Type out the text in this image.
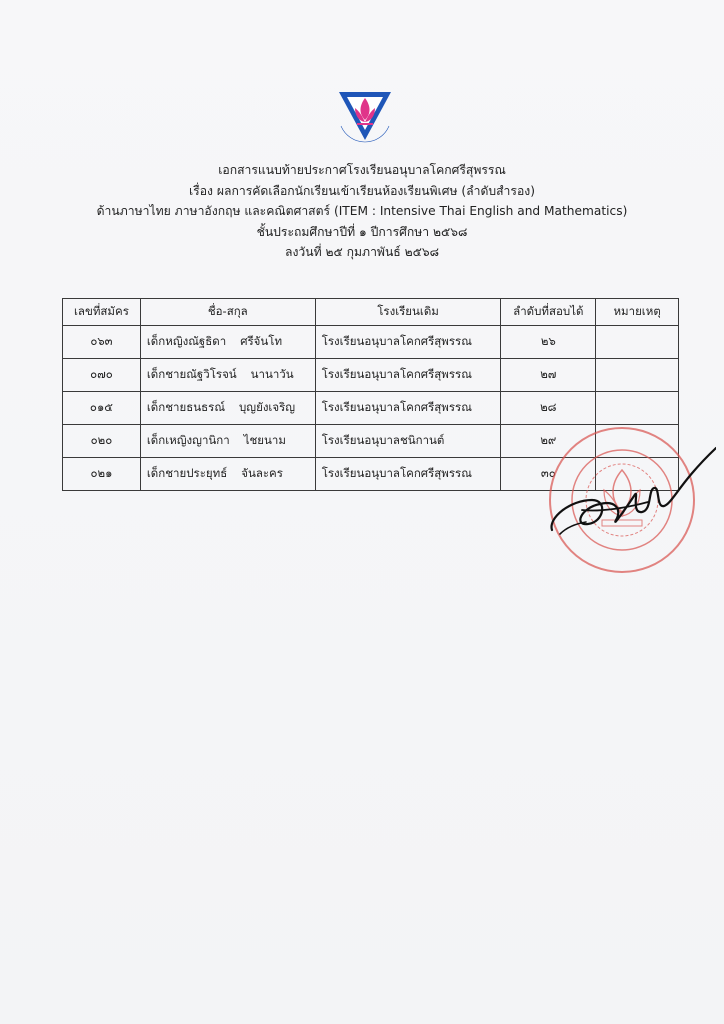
เอกสารแนบท้ายประกาศโรงเรียนอนุบาลโคกศรีสุพรรณ
เรื่อง ผลการคัดเลือกนักเรียนเข้าเรียนห้องเรียนพิเศษ (ลำดับสำรอง)
ด้านภาษาไทย ภาษาอังกฤษ และคณิตศาสตร์ (ITEM : Intensive Thai English and Mathematics)
ชั้นประถมศึกษาปีที่ ๑ ปีการศึกษา ๒๕๖๘
ลงวันที่ ๒๕ กุมภาพันธ์ ๒๕๖๘
เลขที่สมัคร	ชื่อ-สกุล	โรงเรียนเดิม	ลำดับที่สอบได้	หมายเหตุ
๐๖๓	เด็กหญิงณัฐธิดา ศรีจันโท	โรงเรียนอนุบาลโคกศรีสุพรรณ	๒๖	
๐๗๐	เด็กชายณัฐวิโรจน์ นานาวัน	โรงเรียนอนุบาลโคกศรีสุพรรณ	๒๗	
๐๑๕	เด็กชายธนธรณ์ บุญยังเจริญ	โรงเรียนอนุบาลโคกศรีสุพรรณ	๒๘	
๐๒๐	เด็กเหญิงญานิกา ไชยนาม	โรงเรียนอนุบาลชนิกานต์	๒๙	
๐๒๑	เด็กชายประยุทธ์ จันละคร	โรงเรียนอนุบาลโคกศรีสุพรรณ	๓๐	
